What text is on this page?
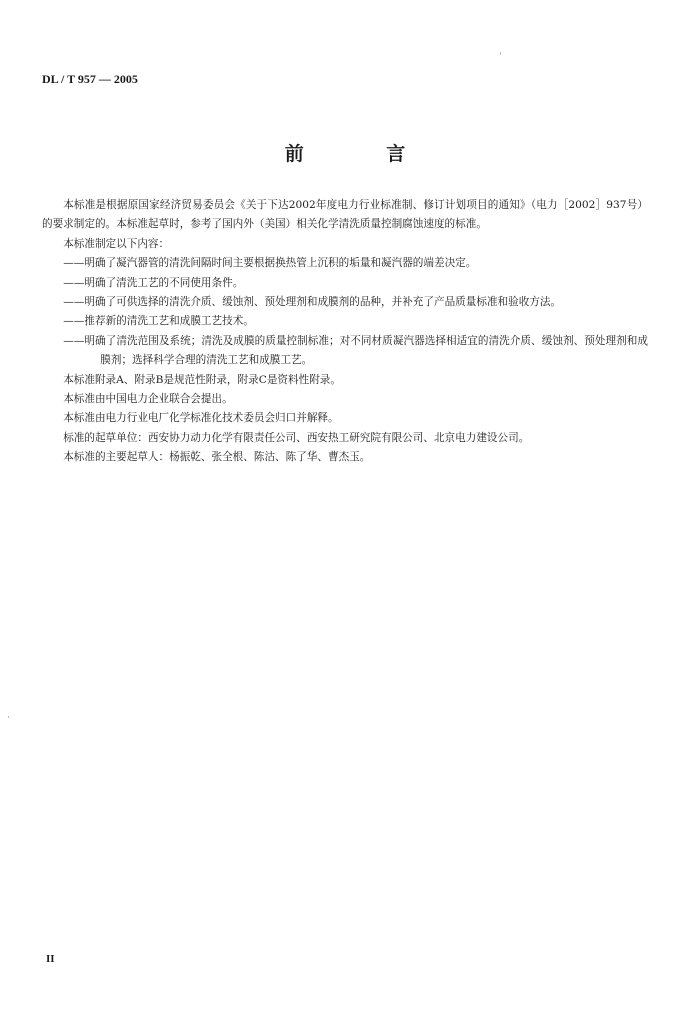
DL / T 957 — 2005
前 言

本标准是根据原国家经济贸易委员会《关于下达2002年度电力行业标准制、修订计划项目的通知》（电力［2002］937号）的要求制定的。本标准起草时，参考了国内外（美国）相关化学清洗质量控制腐蚀速度的标准。

本标准制定以下内容：

——明确了凝汽器管的清洗间隔时间主要根据换热管上沉积的垢量和凝汽器的端差决定。

——明确了清洗工艺的不同使用条件。

——明确了可供选择的清洗介质、缓蚀剂、预处理剂和成膜剂的品种，并补充了产品质量标准和验收方法。

——推荐新的清洗工艺和成膜工艺技术。

——明确了清洗范围及系统；清洗及成膜的质量控制标准；对不同材质凝汽器选择相适宜的清洗介质、缓蚀剂、预处理剂和成膜剂；选择科学合理的清洗工艺和成膜工艺。

本标准附录A、附录B是规范性附录，附录C是资料性附录。

本标准由中国电力企业联合会提出。

本标准由电力行业电厂化学标准化技术委员会归口并解释。

标准的起草单位：西安协力动力化学有限责任公司、西安热工研究院有限公司、北京电力建设公司。

本标准的主要起草人：杨振乾、张全根、陈沽、陈了华、曹杰玉。

II
